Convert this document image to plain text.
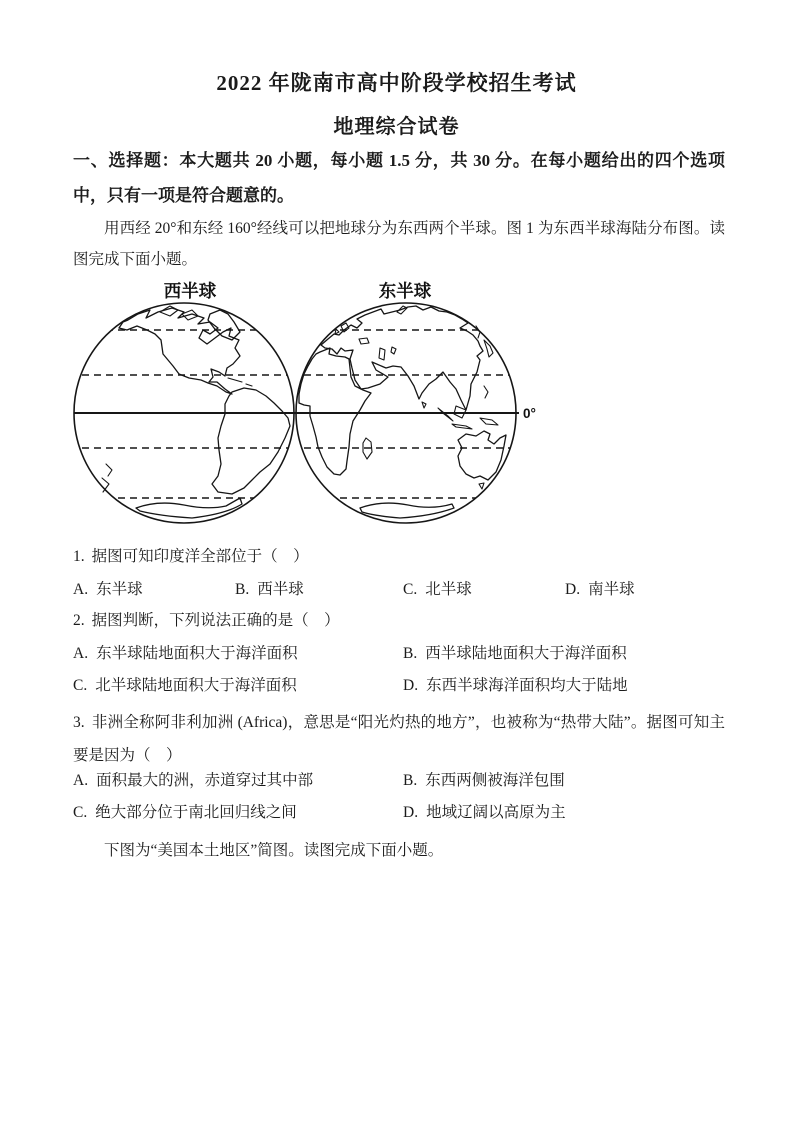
2022 年陇南市高中阶段学校招生考试
地理综合试卷
一、选择题：本大题共 20 小题，每小题 1.5 分，共 30 分。在每小题给出的四个选项中，只有一项是符合题意的。
用西经 20°和东经 160°经线可以把地球分为东西两个半球。图 1 为东西半球海陆分布图。读图完成下面小题。
西半球	东半球
0°
1. 据图可知印度洋全部位于（　）
A. 东半球	B. 西半球	C. 北半球	D. 南半球
2. 据图判断，下列说法正确的是（　）
A. 东半球陆地面积大于海洋面积	B. 西半球陆地面积大于海洋面积
C. 北半球陆地面积大于海洋面积	D. 东西半球海洋面积均大于陆地
3. 非洲全称阿非利加洲 (Africa)，意思是“阳光灼热的地方”，也被称为“热带大陆”。据图可知主要是因为（　）
A. 面积最大的洲，赤道穿过其中部	B. 东西两侧被海洋包围
C. 绝大部分位于南北回归线之间	D. 地域辽阔以高原为主
下图为“美国本土地区”简图。读图完成下面小题。
